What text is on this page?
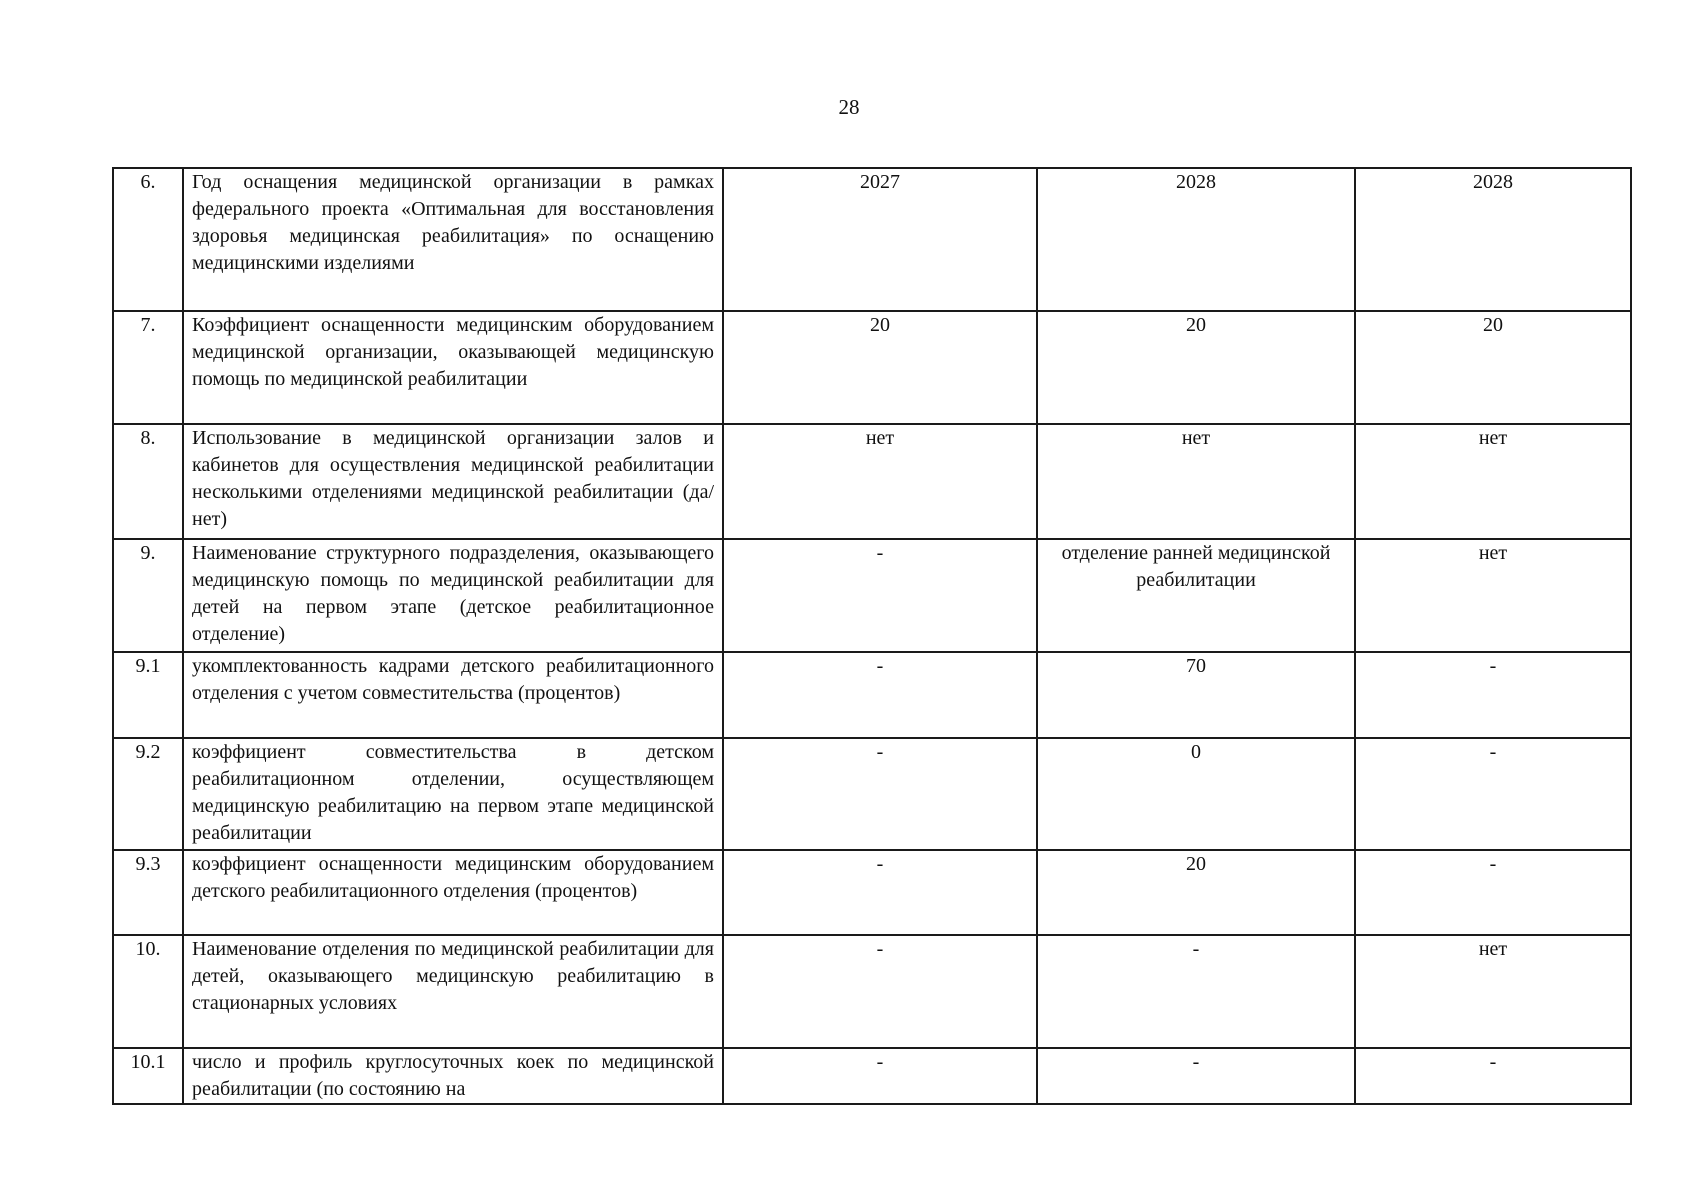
28
6.	Год оснащения медицинской организации в рамках федерального проекта «Оптимальная для восстановления здоровья медицинская реабилитация» по оснащению медицинскими изделиями	2027	2028	2028
7.	Коэффициент оснащенности медицинским оборудованием медицинской организации, оказывающей медицинскую помощь по медицинской реабилитации	20	20	20
8.	Использование в медицинской организации залов и кабинетов для осуществления медицинской реабилитации несколькими отделениями медицинской реабилитации (да/нет)	нет	нет	нет
9.	Наименование структурного подразделения, оказывающего медицинскую помощь по медицинской реабилитации для детей на первом этапе (детское реабилитационное отделение)	-	отделение ранней медицинской реабилитации	нет
9.1	укомплектованность кадрами детского реабилитационного отделения с учетом совместительства (процентов)	-	70	-
9.2	коэффициент совместительства в детском реабилитационном отделении, осуществляющем медицинскую реабилитацию на первом этапе медицинской реабилитации	-	0	-
9.3	коэффициент оснащенности медицинским оборудованием детского реабилитационного отделения (процентов)	-	20	-
10.	Наименование отделения по медицинской реабилитации для детей, оказывающего медицинскую реабилитацию в стационарных условиях	-	-	нет
10.1	число и профиль круглосуточных коек по медицинской реабилитации (по состоянию на	-	-	-
